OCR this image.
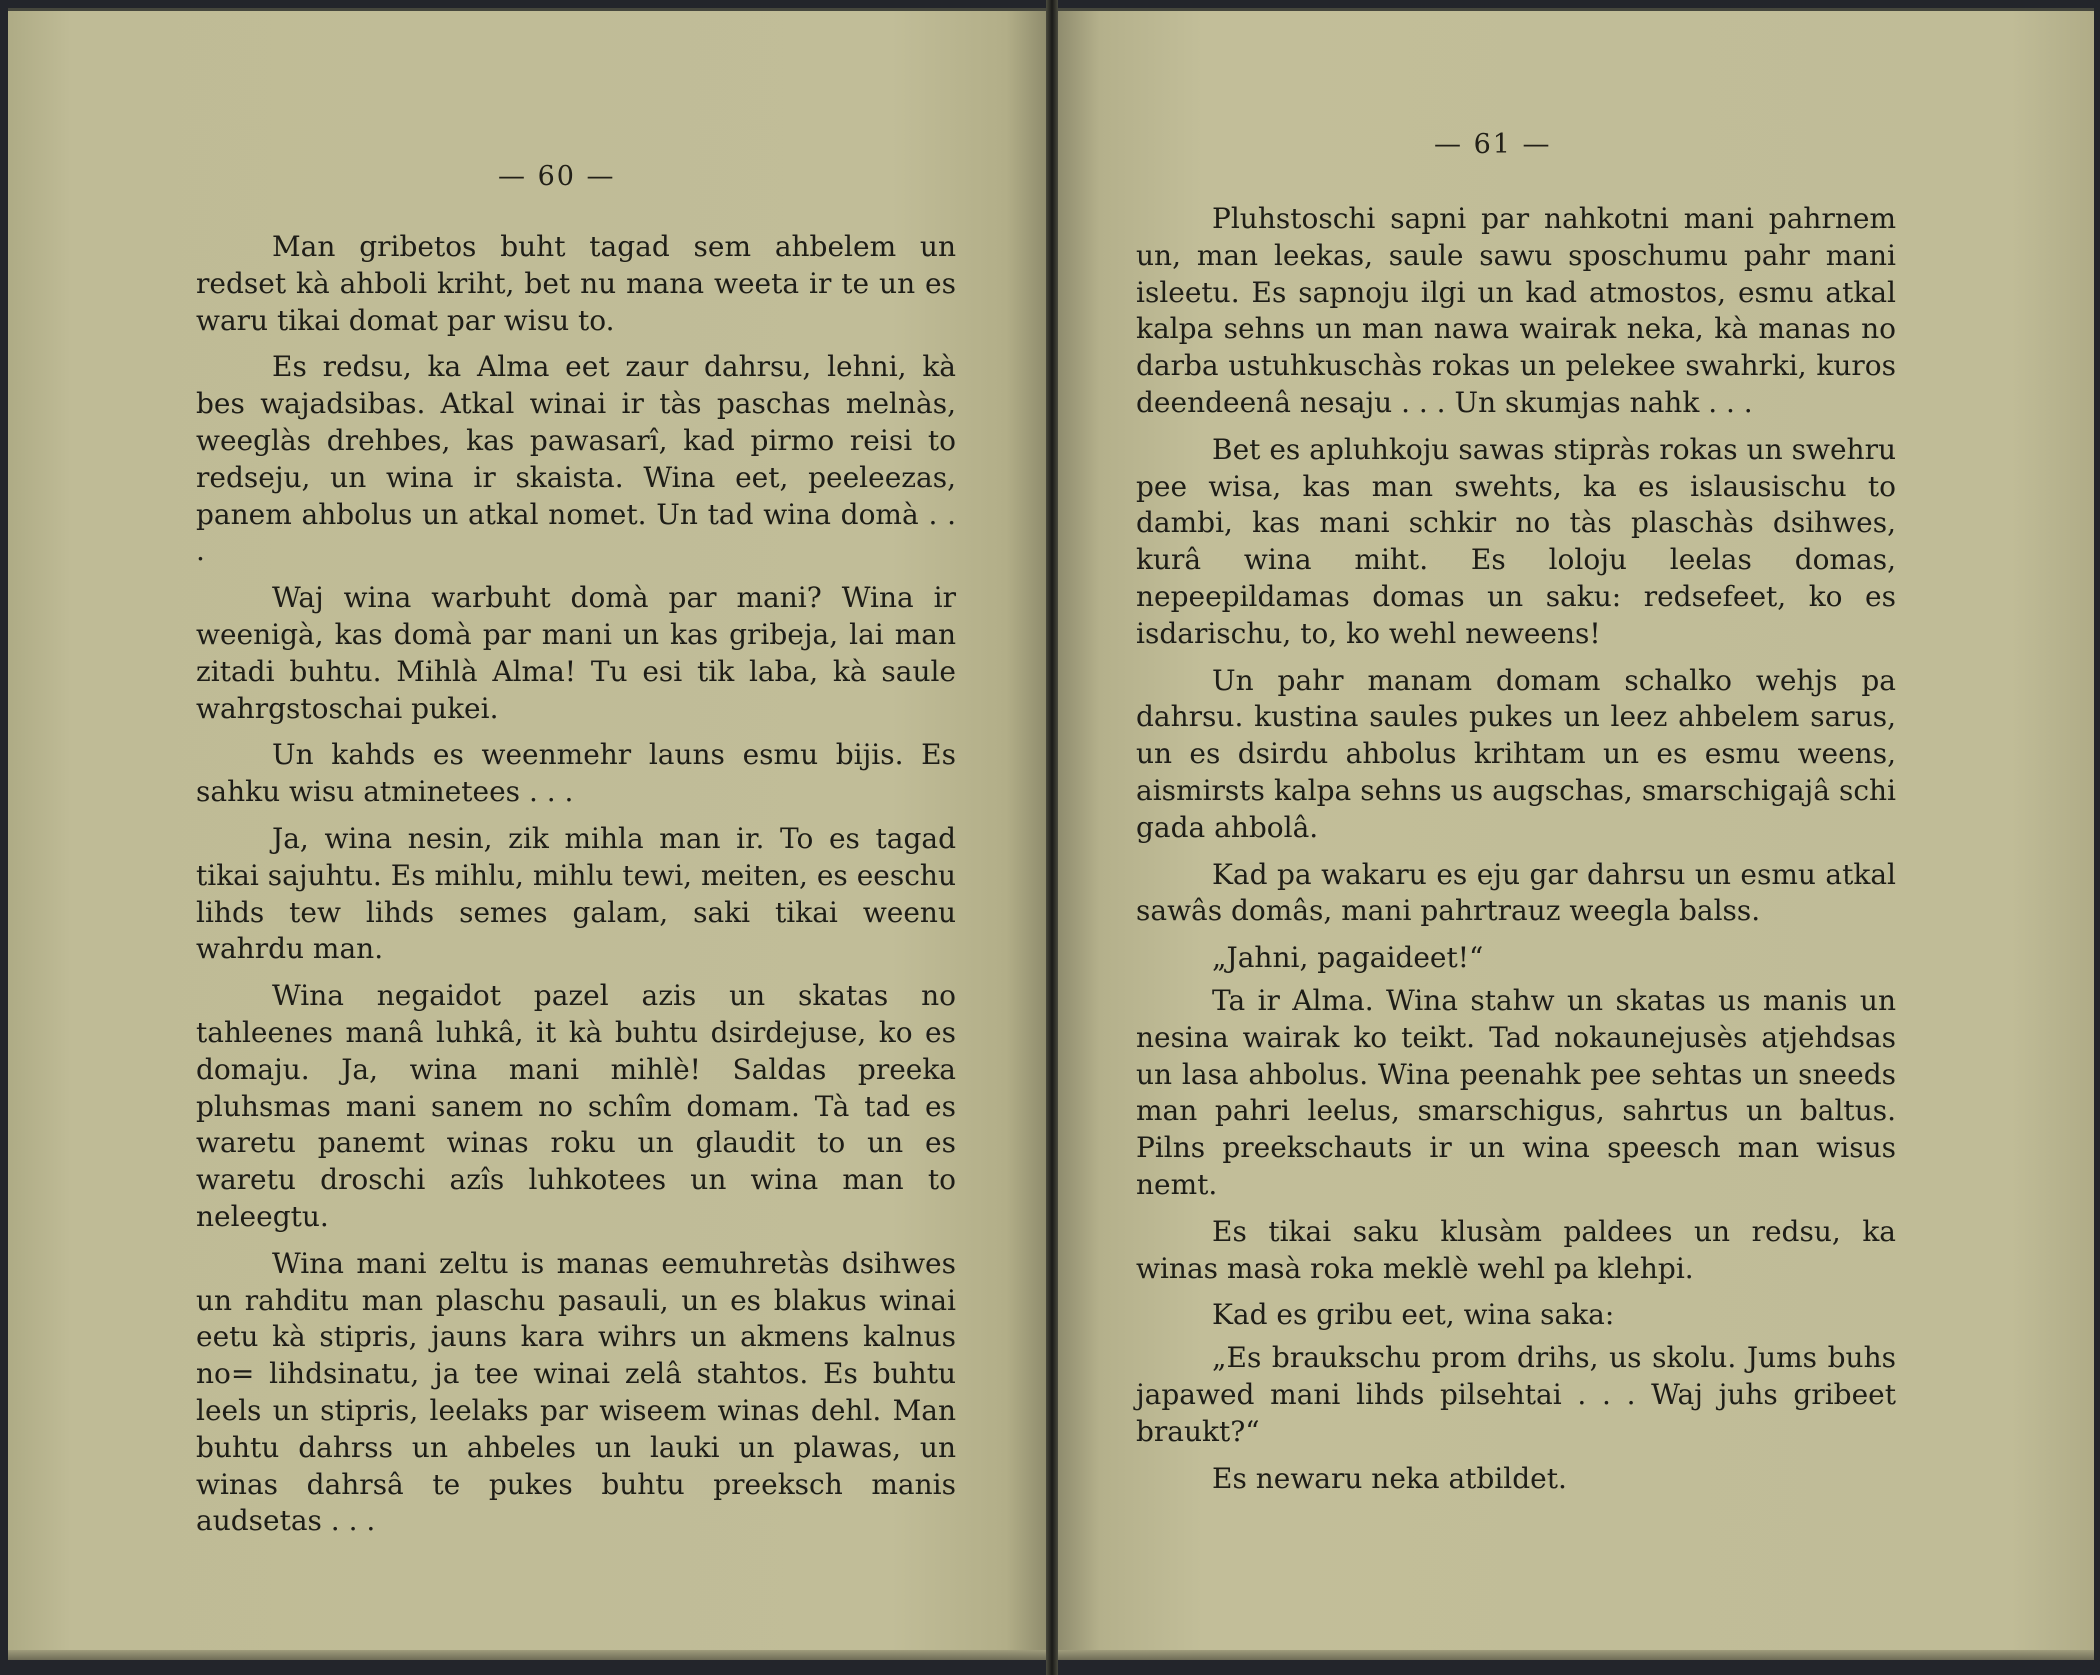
— 60 —

Man gribetos buht tagad sem ahbelem un redset kà ahboli kriht, bet nu mana weeta ir te un es waru tikai domat par wisu to.

Es redsu, ka Alma eet zaur dahrsu, lehni, kà bes wajadsibas. Atkal winai ir tàs paschas melnàs, weeglàs drehbes, kas pawasarî, kad pirmo reisi to redseju, un wina ir skaista. Wina eet, peeleezas, panem ahbolus un atkal nomet. Un tad wina domà . . .

Waj wina warbuht domà par mani? Wina ir weenigà, kas domà par mani un kas gribeja, lai man zitadi buhtu. Mihlà Alma! Tu esi tik laba, kà saule wahrgstoschai pukei.

Un kahds es weenmehr launs esmu bijis. Es sahku wisu atminetees . . .

Ja, wina nesin, zik mihla man ir. To es tagad tikai sajuhtu. Es mihlu, mihlu tewi, meiten, es eeschu lihds tew lihds semes galam, saki tikai weenu wahrdu man.

Wina negaidot pazel azis un skatas no tahleenes manâ luhkâ, it kà buhtu dsirdejuse, ko es domaju. Ja, wina mani mihlè! Saldas preeka pluhsmas mani sanem no schîm domam. Tà tad es waretu panemt winas roku un glaudit to un es waretu droschi azîs luhkotees un wina man to neleegtu.

Wina mani zeltu is manas eemuhretàs dsihwes un rahditu man plaschu pasauli, un es blakus winai eetu kà stipris, jauns kara wihrs un akmens kalnus no= lihdsinatu, ja tee winai zelâ stahtos. Es buhtu leels un stipris, leelaks par wiseem winas dehl. Man buhtu dahrss un ahbeles un lauki un plawas, un winas dahrsâ te pukes buhtu preeksch manis audsetas . . .

— 61 —

Pluhstoschi sapni par nahkotni mani pahrnem un, man leekas, saule sawu sposchumu pahr mani isleetu. Es sapnoju ilgi un kad atmostos, esmu atkal kalpa sehns un man nawa wairak neka, kà manas no darba ustuhkuschàs rokas un pelekee swahrki, kuros deendeenâ nesaju . . . Un skumjas nahk . . .

Bet es apluhkoju sawas stipràs rokas un swehru pee wisa, kas man swehts, ka es islausischu to dambi, kas mani schkir no tàs plaschàs dsihwes, kurâ wina miht. Es loloju leelas domas, nepeepildamas domas un saku: redsefeet, ko es isdarischu, to, ko wehl neweens!

Un pahr manam domam schalko wehjs pa dahrsu. kustina saules pukes un leez ahbelem sarus, un es dsirdu ahbolus krihtam un es esmu weens, aismirsts kalpa sehns us augschas, smarschigajâ schi gada ahbolâ.

Kad pa wakaru es eju gar dahrsu un esmu atkal sawâs domâs, mani pahrtrauz weegla balss.

„Jahni, pagaideet!“

Ta ir Alma. Wina stahw un skatas us manis un nesina wairak ko teikt. Tad nokaunejusès atjehdsas un lasa ahbolus. Wina peenahk pee sehtas un sneeds man pahri leelus, smarschigus, sahrtus un baltus. Pilns preekschauts ir un wina speesch man wisus nemt.

Es tikai saku klusàm paldees un redsu, ka winas masà roka meklè wehl pa klehpi.

Kad es gribu eet, wina saka:

„Es braukschu prom drihs, us skolu. Jums buhs japawed mani lihds pilsehtai . . . Waj juhs gribeet braukt?“

Es newaru neka atbildet.
